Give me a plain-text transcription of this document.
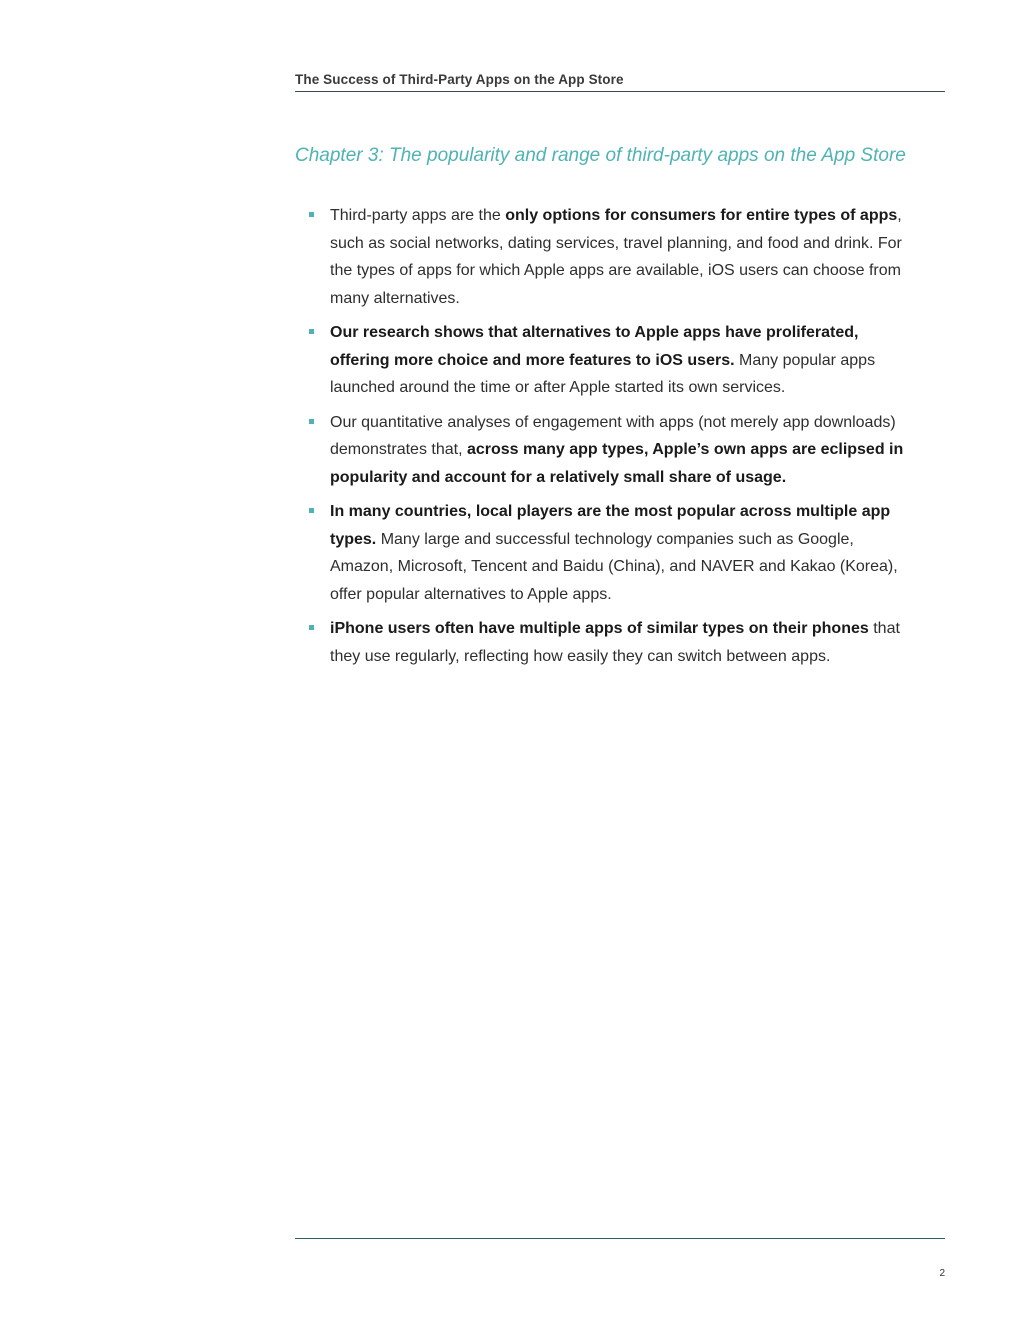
The Success of Third-Party Apps on the App Store
Chapter 3: The popularity and range of third-party apps on the App Store
Third-party apps are the only options for consumers for entire types of apps, such as social networks, dating services, travel planning, and food and drink. For the types of apps for which Apple apps are available, iOS users can choose from many alternatives.
Our research shows that alternatives to Apple apps have proliferated, offering more choice and more features to iOS users. Many popular apps launched around the time or after Apple started its own services.
Our quantitative analyses of engagement with apps (not merely app downloads) demonstrates that, across many app types, Apple’s own apps are eclipsed in popularity and account for a relatively small share of usage.
In many countries, local players are the most popular across multiple app types. Many large and successful technology companies such as Google, Amazon, Microsoft, Tencent and Baidu (China), and NAVER and Kakao (Korea), offer popular alternatives to Apple apps.
iPhone users often have multiple apps of similar types on their phones that they use regularly, reflecting how easily they can switch between apps.
2
